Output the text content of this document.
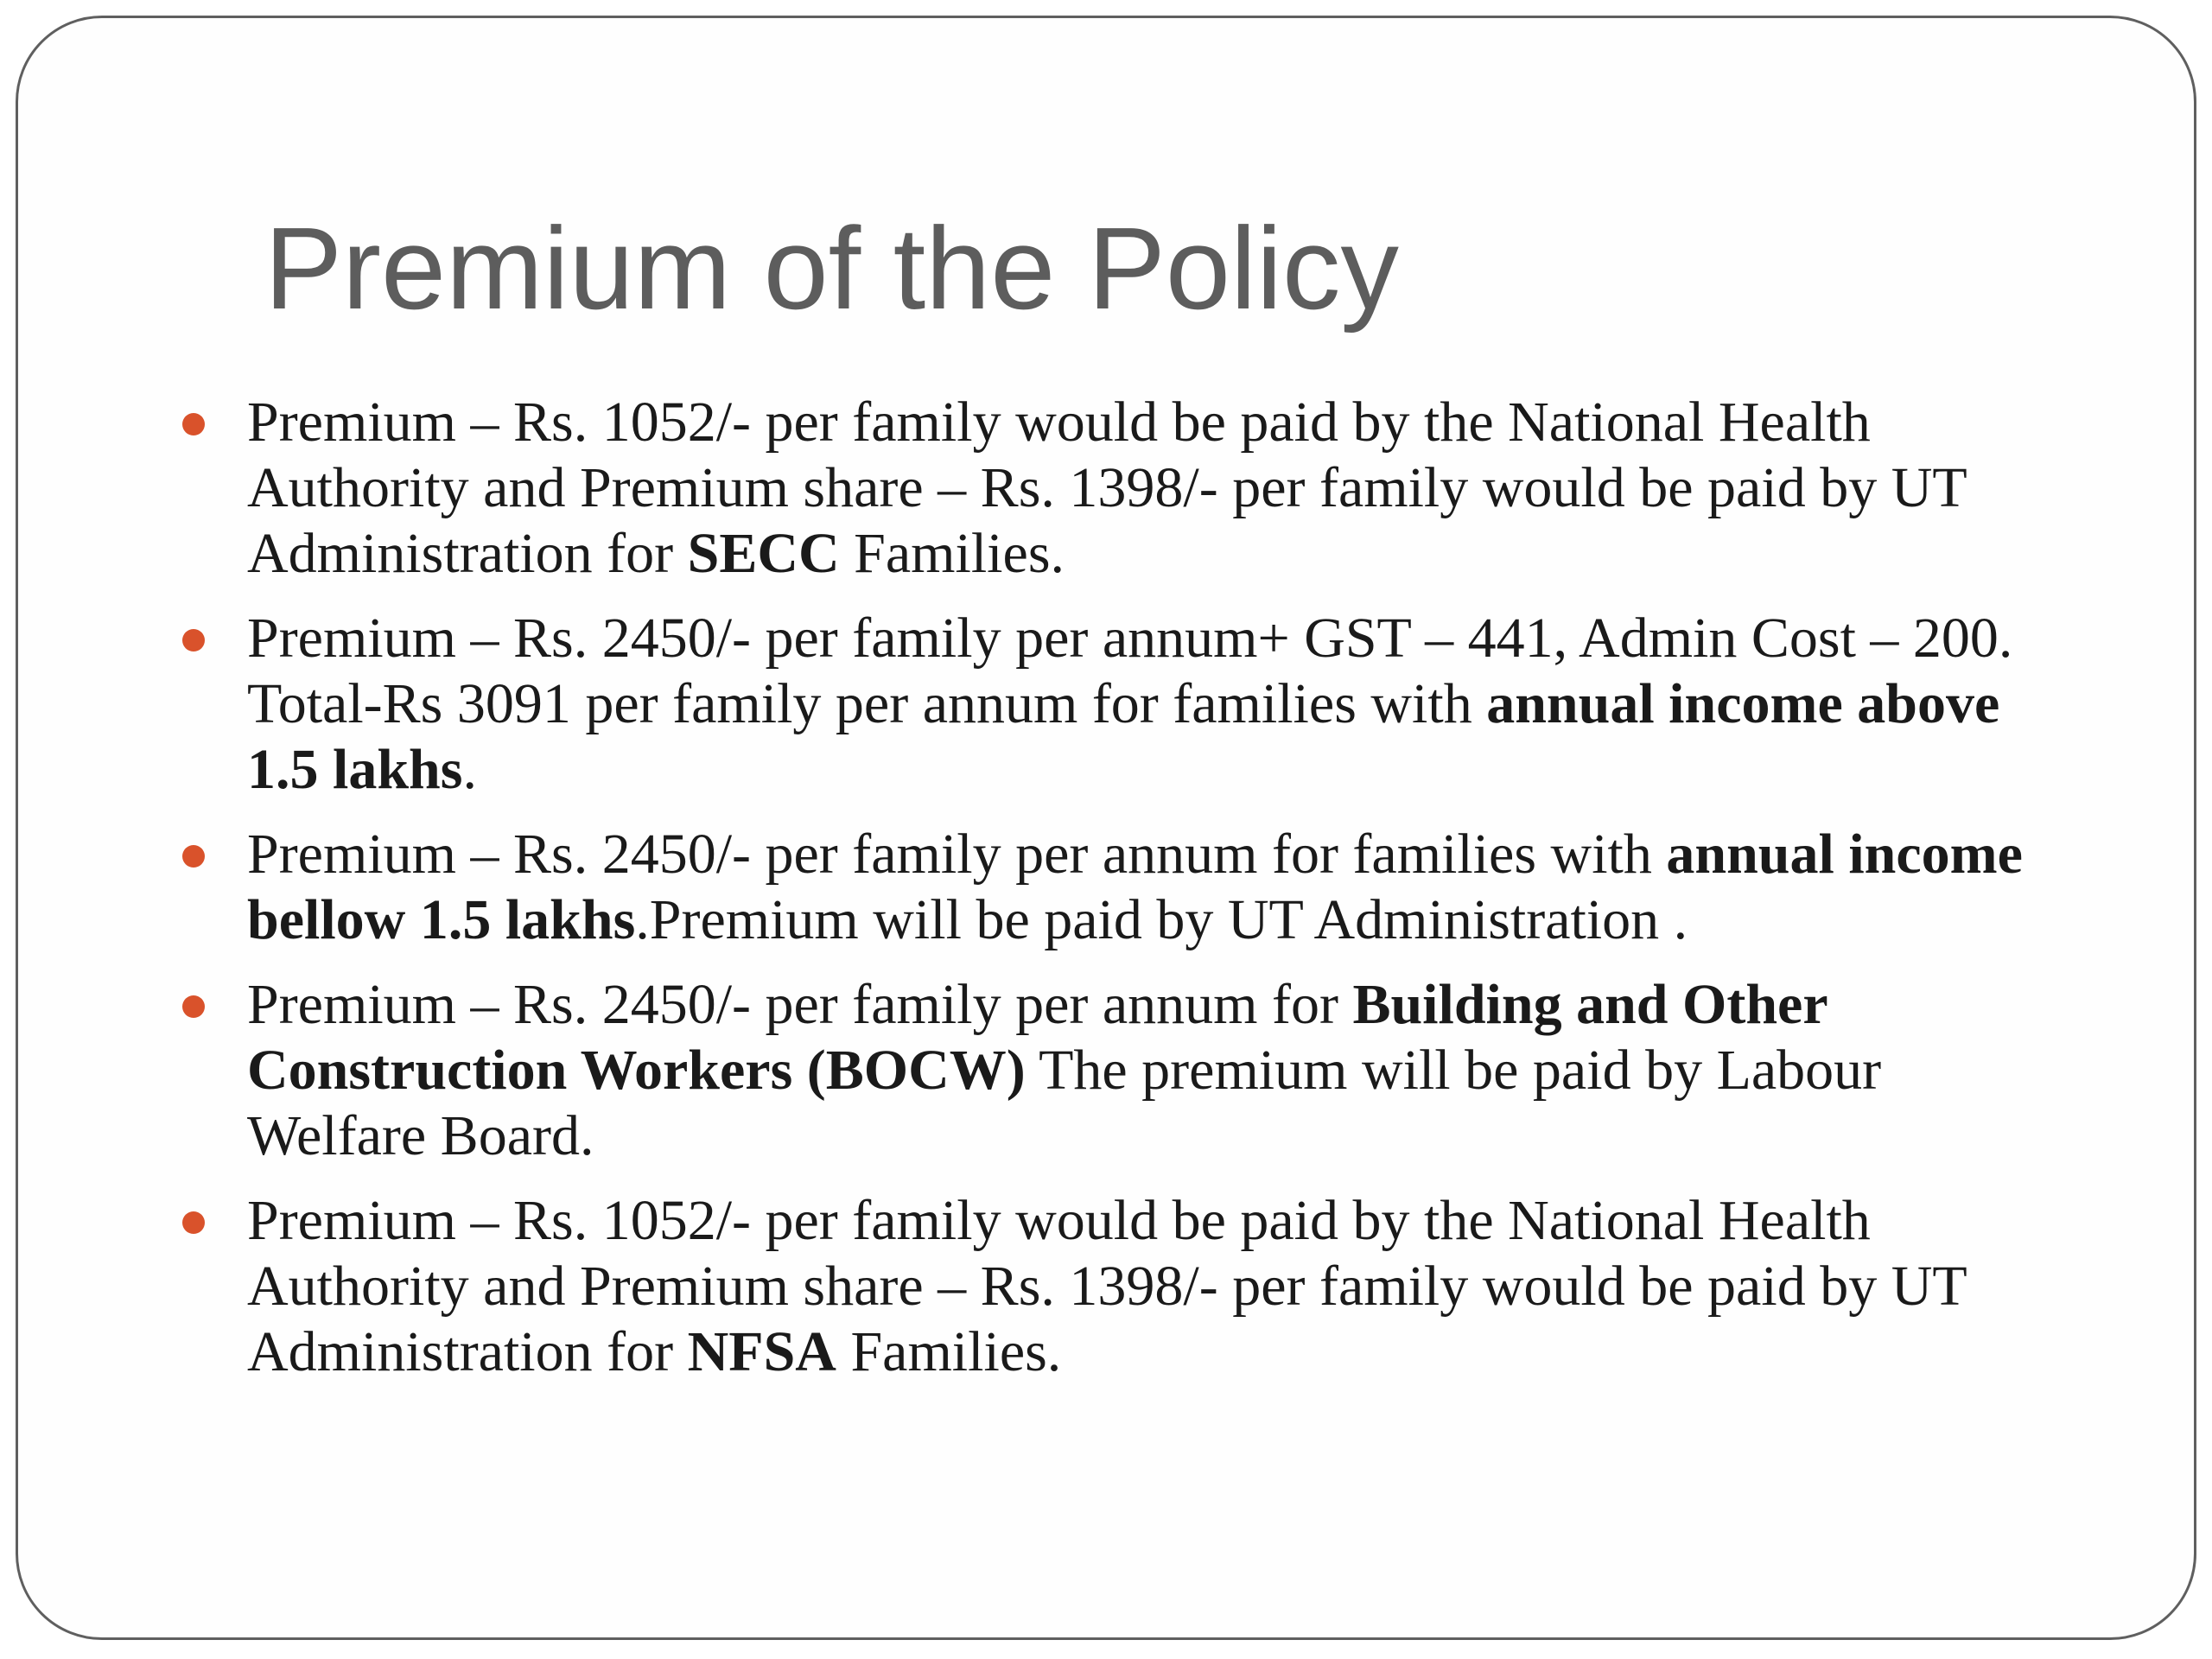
Premium of the Policy
Premium – Rs. 1052/- per family would be paid by the National Health Authority and Premium share – Rs. 1398/- per family would be paid by UT Administration for SECC Families.
Premium – Rs. 2450/- per family per annum+ GST – 441, Admin Cost – 200. Total-Rs 3091 per family per annum for families with annual income above 1.5 lakhs.
Premium – Rs. 2450/- per family per annum for families with annual income bellow 1.5 lakhs.Premium will be paid by UT Administration .
Premium – Rs. 2450/- per family per annum for Building and Other Construction Workers (BOCW) The premium will be paid by Labour Welfare Board.
Premium – Rs. 1052/- per family would be paid by the National Health Authority and Premium share – Rs. 1398/- per family would be paid by UT Administration for NFSA Families.
